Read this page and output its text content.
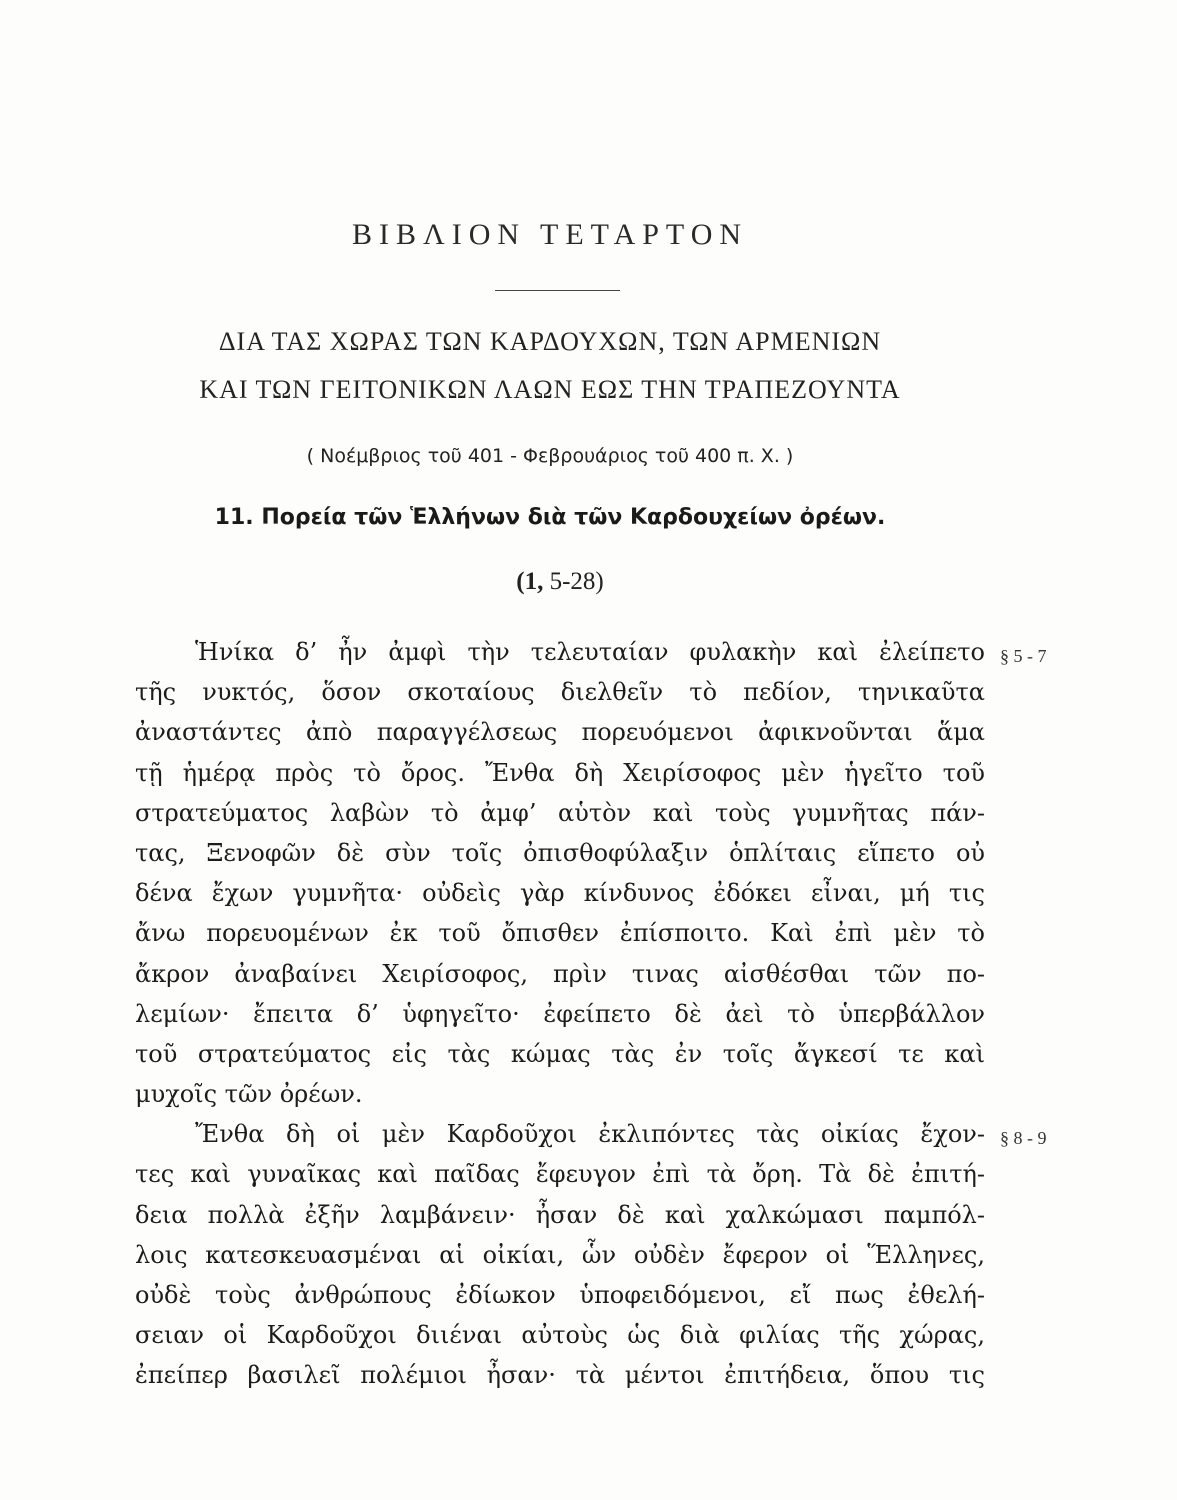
ΒΙΒΛΙΟΝ ΤΕΤΑΡΤΟΝ
ΔΙΑ ΤΑΣ ΧΩΡΑΣ ΤΩΝ ΚΑΡΔΟΥΧΩΝ, ΤΩΝ ΑΡΜΕΝΙΩΝ
ΚΑΙ ΤΩΝ ΓΕΙΤΟΝΙΚΩΝ ΛΑΩΝ ΕΩΣ ΤΗΝ ΤΡΑΠΕΖΟΥΝΤΑ
( Νοέμβριος τοῦ 401 - Φεβρουάριος τοῦ 400 π. Χ. )
11. Πορεία τῶν Ἑλλήνων διὰ τῶν Καρδουχείων ὀρέων.
(1, 5-28)
Ἡνίκα δ’ ἦν ἀμφὶ τὴν τελευταίαν φυλακὴν καὶ ἐλείπετο
τῆς νυκτός, ὅσον σκοταίους διελθεῖν τὸ πεδίον, τηνικαῦτα
ἀναστάντες ἀπὸ παραγγέλσεως πορευόμενοι ἀφικνοῦνται ἅμα
τῇ ἡμέρᾳ πρὸς τὸ ὄρος. Ἔνθα δὴ Χειρίσοφος μὲν ἡγεῖτο τοῦ
στρατεύματος λαβὼν τὸ ἀμφ’ αὑτὸν καὶ τοὺς γυμνῆτας πάν-
τας, Ξενοφῶν δὲ σὺν τοῖς ὀπισθοφύλαξιν ὁπλίταις εἵπετο οὐ
δένα ἔχων γυμνῆτα· οὐδεὶς γὰρ κίνδυνος ἐδόκει εἶναι, μή τις
ἄνω πορευομένων ἐκ τοῦ ὄπισθεν ἐπίσποιτο. Καὶ ἐπὶ μὲν τὸ
ἄκρον ἀναβαίνει Χειρίσοφος, πρὶν τινας αἰσθέσθαι τῶν πο-
λεμίων· ἔπειτα δ’ ὑφηγεῖτο· ἐφείπετο δὲ ἀεὶ τὸ ὑπερβάλλον
τοῦ στρατεύματος εἰς τὰς κώμας τὰς ἐν τοῖς ἄγκεσί τε καὶ
μυχοῖς τῶν ὀρέων.
Ἔνθα δὴ οἱ μὲν Καρδοῦχοι ἐκλιπόντες τὰς οἰκίας ἔχον-
τες καὶ γυναῖκας καὶ παῖδας ἔφευγον ἐπὶ τὰ ὄρη. Τὰ δὲ ἐπιτή-
δεια πολλὰ ἐξῆν λαμβάνειν· ἦσαν δὲ καὶ χαλκώμασι παμπόλ-
λοις κατεσκευασμέναι αἱ οἰκίαι, ὧν οὐδὲν ἔφερον οἱ Ἕλληνες,
οὐδὲ τοὺς ἀνθρώπους ἐδίωκον ὑποφειδόμενοι, εἴ πως ἐθελή-
σειαν οἱ Καρδοῦχοι διιέναι αὐτοὺς ὡς διὰ φιλίας τῆς χώρας,
ἐπείπερ βασιλεῖ πολέμιοι ἦσαν· τὰ μέντοι ἐπιτήδεια, ὅπου τις
§ 5 - 7
§ 8 - 9
